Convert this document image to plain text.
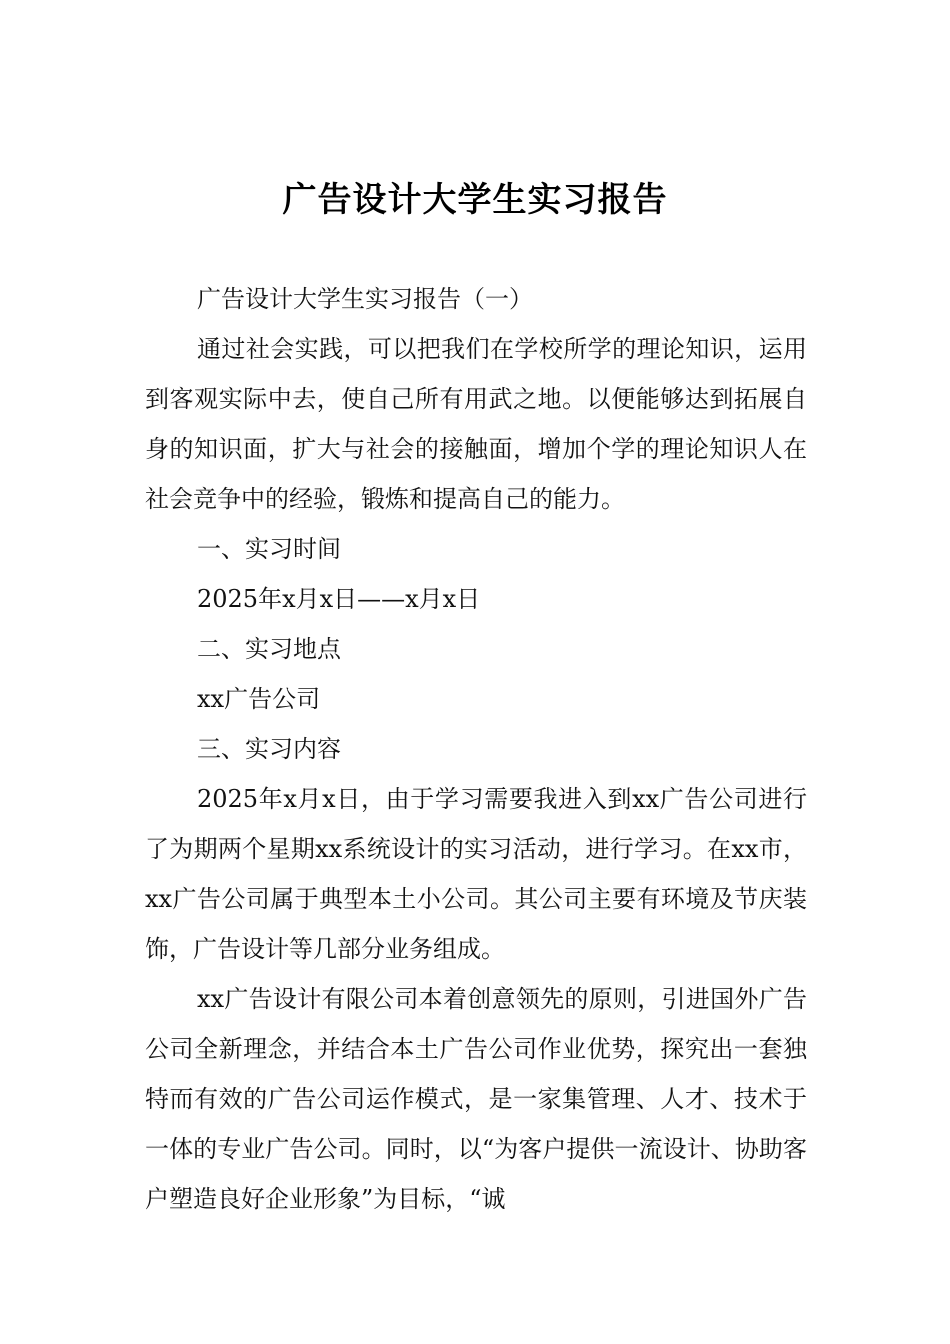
广告设计大学生实习报告

广告设计大学生实习报告（一）

通过社会实践，可以把我们在学校所学的理论知识，运用到客观实际中去，使自己所有用武之地。以便能够达到拓展自身的知识面，扩大与社会的接触面，增加个学的理论知识人在社会竞争中的经验，锻炼和提高自己的能力。

一、实习时间

2025年x月x日——x月x日

二、实习地点

xx广告公司

三、实习内容

2025年x月x日，由于学习需要我进入到xx广告公司进行了为期两个星期xx系统设计的实习活动，进行学习。在xx市，xx广告公司属于典型本土小公司。其公司主要有环境及节庆装饰，广告设计等几部分业务组成。

xx广告设计有限公司本着创意领先的原则，引进国外广告公司全新理念，并结合本土广告公司作业优势，探究出一套独特而有效的广告公司运作模式，是一家集管理、人才、技术于一体的专业广告公司。同时，以“为客户提供一流设计、协助客户塑造良好企业形象”为目标，“诚
